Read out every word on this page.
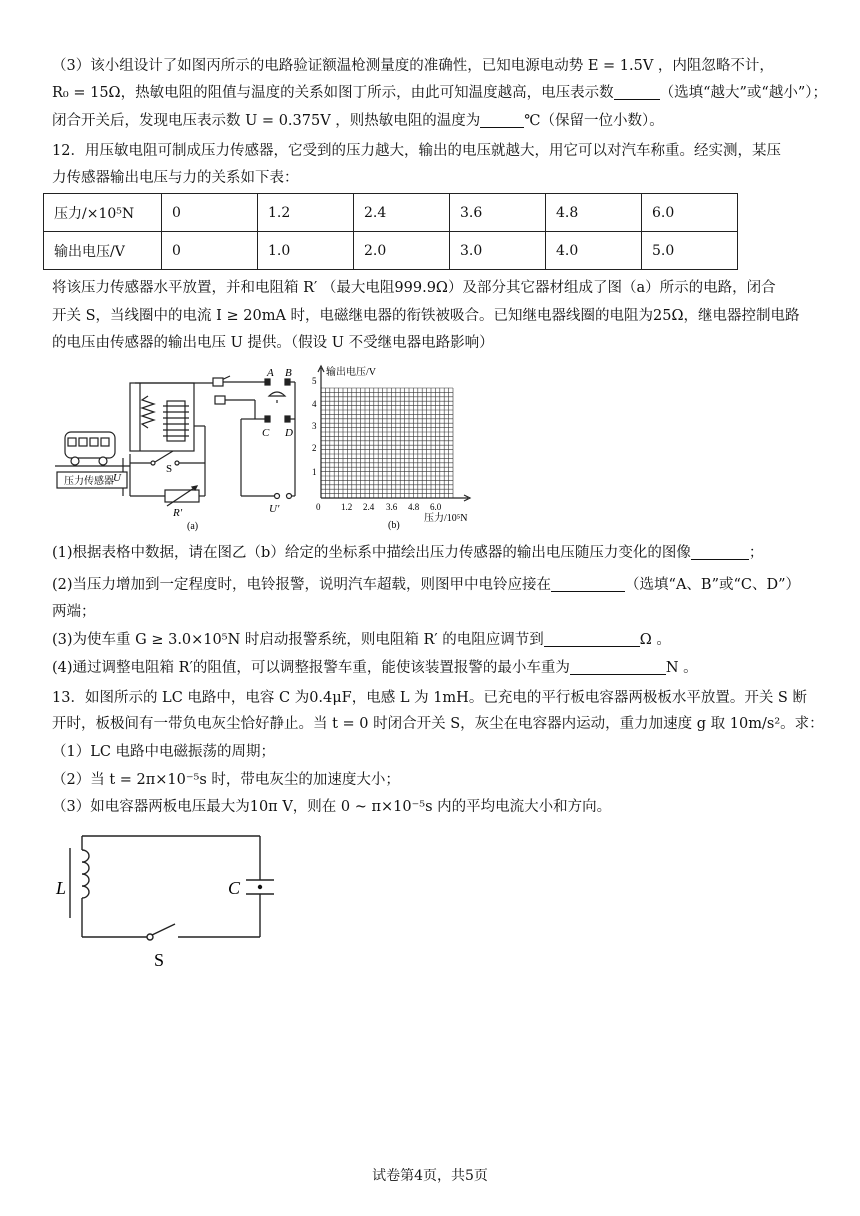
（3）该小组设计了如图丙所示的电路验证额温枪测量度的准确性，已知电源电动势 E = 1.5V ，内阻忽略不计，
R₀ = 15Ω，热敏电阻的阻值与温度的关系如图丁所示，由此可知温度越高，电压表示数	（选填“越大”或“越小”）；
闭合开关后，发现电压表示数 U = 0.375V ，则热敏电阻的温度为	℃（保留一位小数）。
12．用压敏电阻可制成压力传感器，它受到的压力越大，输出的电压就越大，用它可以对汽车称重。经实测，某压
力传感器输出电压与力的关系如下表：
压力/×10⁵N	0	1.2	2.4	3.6	4.8	6.0
输出电压/V	0	1.0	2.0	3.0	4.0	5.0
将该压力传感器水平放置，并和电阻箱 R′ （最大电阻999.9Ω）及部分其它器材组成了图（a）所示的电路，闭合
开关 S，当线圈中的电流 I ≥ 20mA 时，电磁继电器的衔铁被吸合。已知继电器线圈的电阻为25Ω，继电器控制电路
的电压由传感器的输出电压 U 提供。（假设 U 不受继电器电路影响）
A B
C D
S
U
R′	U′
压力传感器
(a)
输出电压/V
压力/10⁵N
1
2
3
4
5
0 1.2 2.4 3.6 4.8 6.0
(b)
(1)根据表格中数据，请在图乙（b）给定的坐标系中描绘出压力传感器的输出电压随压力变化的图像	；
(2)当压力增加到一定程度时，电铃报警，说明汽车超载，则图甲中电铃应接在	（选填“A、B”或“C、D”）
两端；
(3)为使车重 G ≥ 3.0×10⁵N 时启动报警系统，则电阻箱 R′ 的电阻应调节到	Ω 。
(4)通过调整电阻箱 R′的阻值，可以调整报警车重，能使该装置报警的最小车重为	N 。
13．如图所示的 LC 电路中，电容 C 为0.4μF，电感 L 为 1mH。已充电的平行板电容器两极板水平放置。开关 S 断
开时，板极间有一带负电灰尘恰好静止。当 t = 0 时闭合开关 S，灰尘在电容器内运动，重力加速度 g 取 10m/s²。求：
（1）LC 电路中电磁振荡的周期；
（2）当 t = 2π×10⁻⁵s 时，带电灰尘的加速度大小；
（3）如电容器两板电压最大为10π V，则在 0 ~ π×10⁻⁵s 内的平均电流大小和方向。
L	C
S
试卷第4页，共5页
